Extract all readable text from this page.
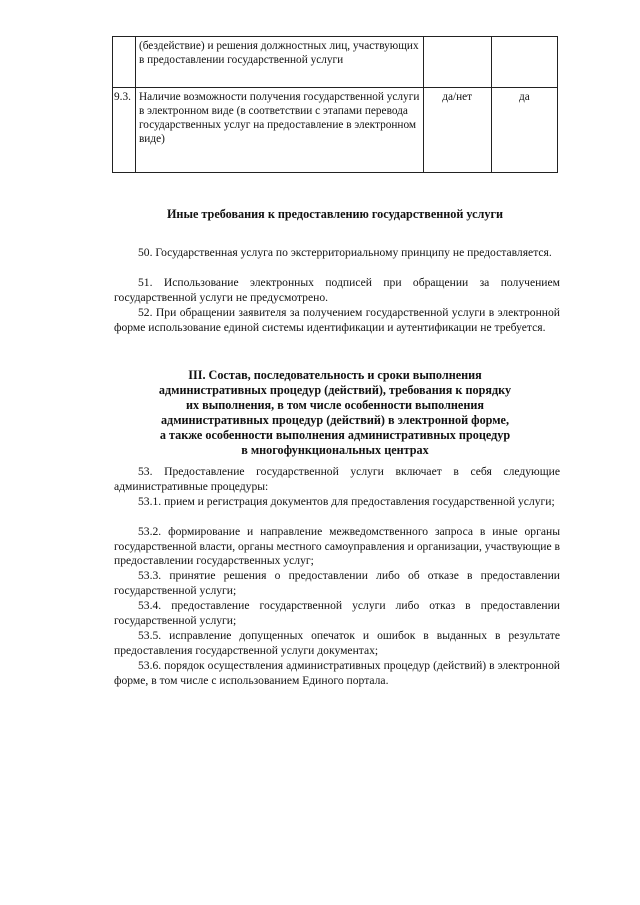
	(бездействие) и решения должностных лиц, участвующих в предоставлении государственной услуги		
9.3.	Наличие возможности получения государственной услуги в электронном виде (в соответствии с этапами перевода государственных услуг на предоставление в электронном виде)	да/нет	да
Иные требования к предоставлению государственной услуги

50. Государственная услуга по экстерриториальному принципу не предоставляется.

51. Использование электронных подписей при обращении за получением государственной услуги не предусмотрено.

52. При обращении заявителя за получением государственной услуги в электронной форме использование единой системы идентификации и аутентификации не требуется.

III. Состав, последовательность и сроки выполнения
административных процедур (действий), требования к порядку
их выполнения, в том числе особенности выполнения
административных процедур (действий) в электронной форме,
а также особенности выполнения административных процедур
в многофункциональных центрах

53. Предоставление государственной услуги включает в себя следующие административные процедуры:

53.1. прием и регистрация документов для предоставления государственной услуги;

53.2. формирование и направление межведомственного запроса в иные органы государственной власти, органы местного самоуправления и организации, участвующие в предоставлении государственных услуг;

53.3. принятие решения о предоставлении либо об отказе в предоставлении государственной услуги;

53.4. предоставление государственной услуги либо отказ в предоставлении государственной услуги;

53.5. исправление допущенных опечаток и ошибок в выданных в результате предоставления государственной услуги документах;

53.6. порядок осуществления административных процедур (действий) в электронной форме, в том числе с использованием Единого портала.
